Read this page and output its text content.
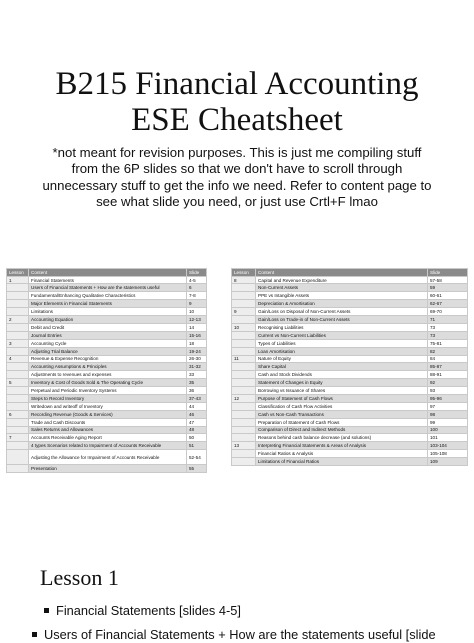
B215 Financial Accounting
ESE Cheatsheet
*not meant for revision purposes. This is just me compiling stuff from the 6P slides so that we don't have to scroll through unnecessary stuff to get the info we need. Refer to content page to see what slide you need, or just use Crtl+F lmao
Lesson	Content	Slide
1	Financial Statements	4-5
	Users of Financial Statements + How are the statements useful	6
	Fundamental/Enhancing Qualitative Characteristics	7-8
	Major Elements in Financial Statements	9
	Limitations	10
2	Accounting Equation	12-13
	Debit and Credit	14
	Journal Entries	15-16
3	Accounting Cycle	18
	Adjusting Trial Balance	19-24
4	Revenue & Expense Recognition	26-30
	Accounting Assumptions & Principles	31-32
	Adjustments to revenues and expenses	33
5	Inventory & Cost of Goods Sold & The Operating Cycle	35
	Perpetual and Periodic Inventory Systems	36
	Steps to Record Inventory	37-43
	Writedown and writeoff of Inventory	44
6	Recording Revenue (Goods & Services)	46
	Trade and Cash Discounts	47
	Sales Returns and Allowances	48
7	Accounts Receivable Aging Report	50
	4 types Scenarios related to Impairment of Accounts Receivable	51
	Adjusting the Allowance for Impairment of Accounts Receivable	52-54
	Presentation	55
Lesson	Content	Slide
8	Capital and Revenue Expenditure	57-58
	Non-Current Assets	59
	PPE vs Intangible Assets	60-61
	Depreciation & Amortisation	62-67
9	Gain/Loss on Disposal of Non-Current Assets	69-70
	Gain/Loss on Trade-in of Non-Current Assets	71
10	Recognising Liabilities	73
	Current vs Non-Current Liabilities	73
	Types of Liabilities	75-81
	Loan Amortisation	82
11	Nature of Equity	84
	Share Capital	85-87
	Cash and Stock Dividends	88-91
	Statement of Changes in Equity	92
	Borrowing vs Issuance of Shares	93
12	Purpose of Statement of Cash Flows	95-96
	Classification of Cash Flow Activities	97
	Cash vs Non-Cash Transactions	98
	Preparation of Statement of Cash Flows	99
	Comparison of Direct and Indirect Methods	100
	Reasons behind cash balance decrease (and solutions)	101
13	Interpreting Financial Statements & Areas of Analysis	103-104
	Financial Ratios & Analysis	105-108
	Limitations of Financial Ratios	109
Lesson 1
Financial Statements [slides 4-5]
Users of Financial Statements + How are the statements useful [slide
